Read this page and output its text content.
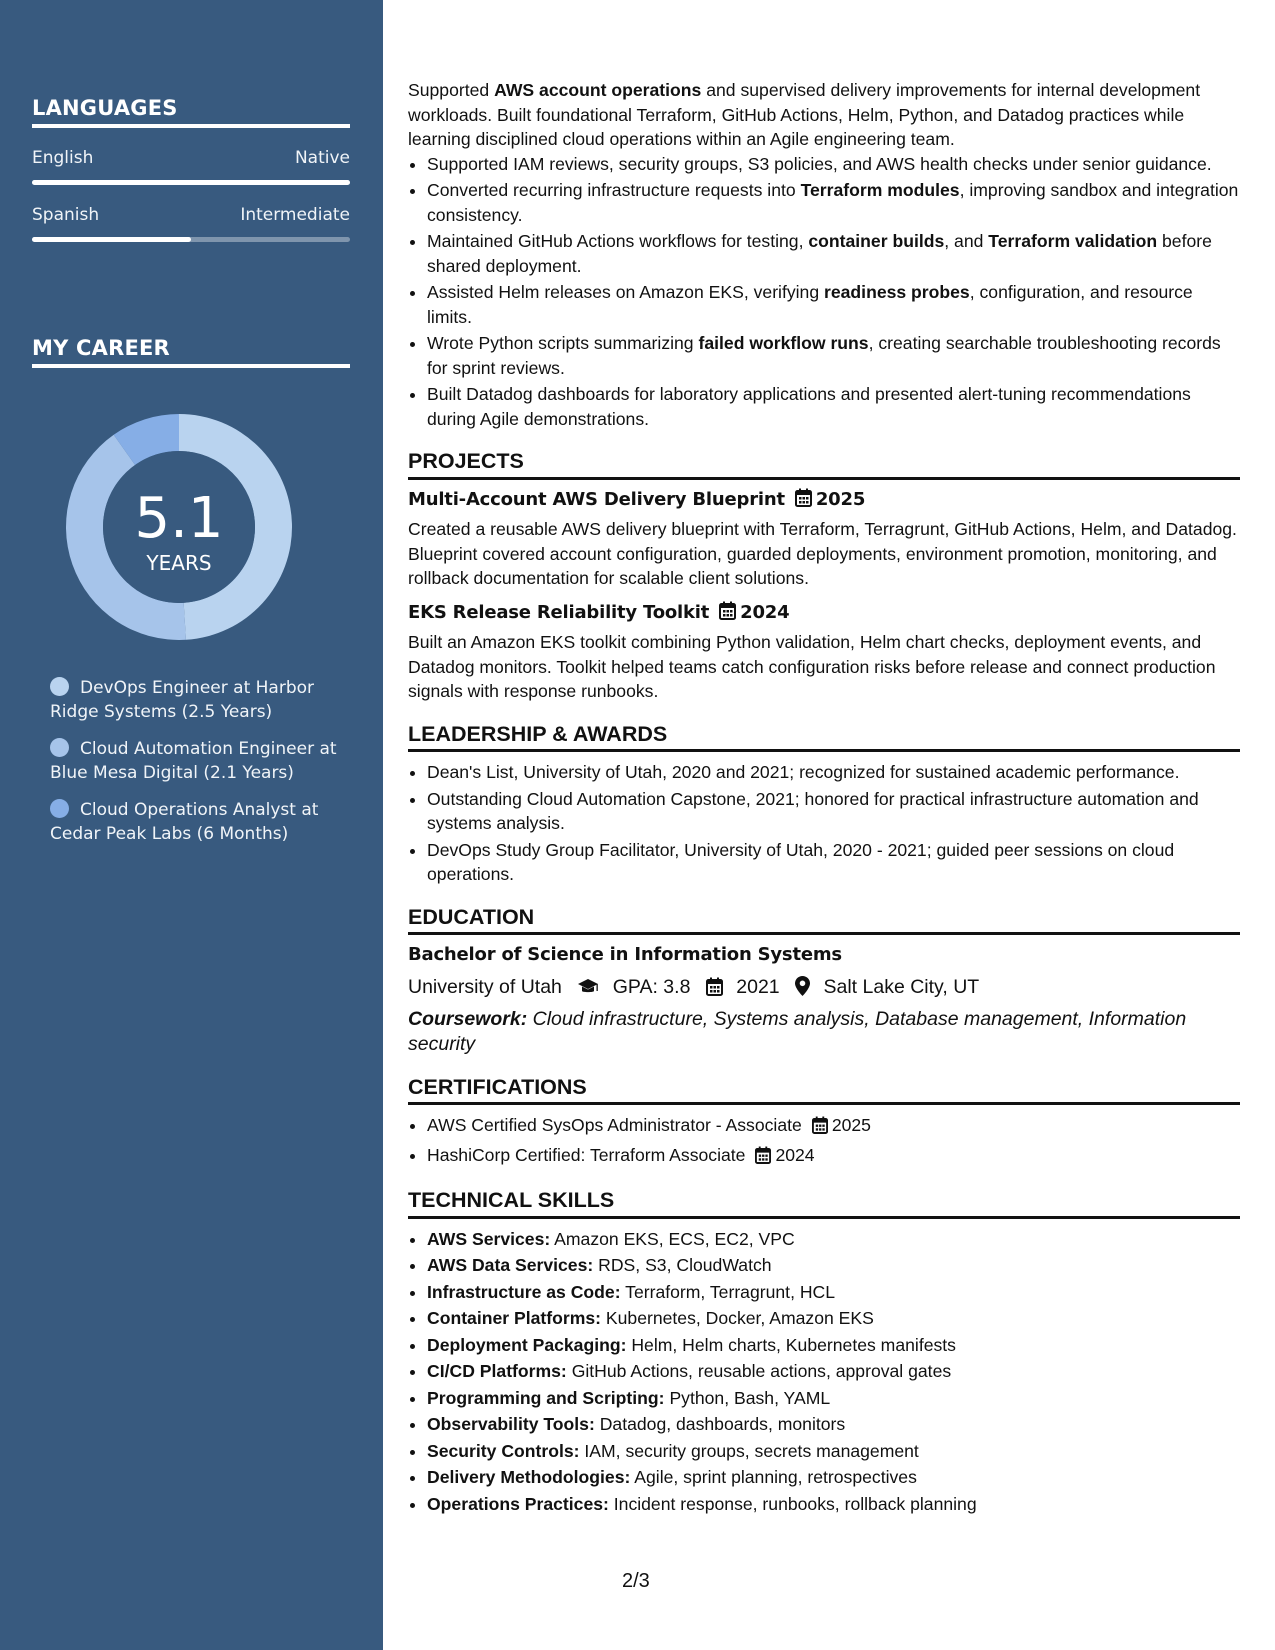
LANGUAGES
English	Native
Spanish	Intermediate
MY CAREER
5.1
YEARS
DevOps Engineer at Harbor Ridge Systems (2.5 Years)
Cloud Automation Engineer at Blue Mesa Digital (2.1 Years)
Cloud Operations Analyst at Cedar Peak Labs (6 Months)

Supported AWS account operations and supervised delivery improvements for internal development workloads. Built foundational Terraform, GitHub Actions, Helm, Python, and Datadog practices while learning disciplined cloud operations within an Agile engineering team.

• Supported IAM reviews, security groups, S3 policies, and AWS health checks under senior guidance.
• Converted recurring infrastructure requests into Terraform modules, improving sandbox and integration consistency.
• Maintained GitHub Actions workflows for testing, container builds, and Terraform validation before shared deployment.
• Assisted Helm releases on Amazon EKS, verifying readiness probes, configuration, and resource limits.
• Wrote Python scripts summarizing failed workflow runs, creating searchable troubleshooting records for sprint reviews.
• Built Datadog dashboards for laboratory applications and presented alert-tuning recommendations during Agile demonstrations.
PROJECTS
Multi-Account AWS Delivery Blueprint 2025

Created a reusable AWS delivery blueprint with Terraform, Terragrunt, GitHub Actions, Helm, and Datadog. Blueprint covered account configuration, guarded deployments, environment promotion, monitoring, and rollback documentation for scalable client solutions.

EKS Release Reliability Toolkit 2024

Built an Amazon EKS toolkit combining Python validation, Helm chart checks, deployment events, and Datadog monitors. Toolkit helped teams catch configuration risks before release and connect production signals with response runbooks.

LEADERSHIP & AWARDS
• Dean's List, University of Utah, 2020 and 2021; recognized for sustained academic performance.
• Outstanding Cloud Automation Capstone, 2021; honored for practical infrastructure automation and systems analysis.
• DevOps Study Group Facilitator, University of Utah, 2020 - 2021; guided peer sessions on cloud operations.
EDUCATION
Bachelor of Science in Information Systems
University of Utah	GPA: 3.8 2021 Salt Lake City, UT
Coursework: Cloud infrastructure, Systems analysis, Database management, Information security
CERTIFICATIONS
• AWS Certified SysOps Administrator - Associate 2025
• HashiCorp Certified: Terraform Associate 2024
TECHNICAL SKILLS
• AWS Services: Amazon EKS, ECS, EC2, VPC
• AWS Data Services: RDS, S3, CloudWatch
• Infrastructure as Code: Terraform, Terragrunt, HCL
• Container Platforms: Kubernetes, Docker, Amazon EKS
• Deployment Packaging: Helm, Helm charts, Kubernetes manifests
• CI/CD Platforms: GitHub Actions, reusable actions, approval gates
• Programming and Scripting: Python, Bash, YAML
• Observability Tools: Datadog, dashboards, monitors
• Security Controls: IAM, security groups, secrets management
• Delivery Methodologies: Agile, sprint planning, retrospectives
• Operations Practices: Incident response, runbooks, rollback planning
2/3
